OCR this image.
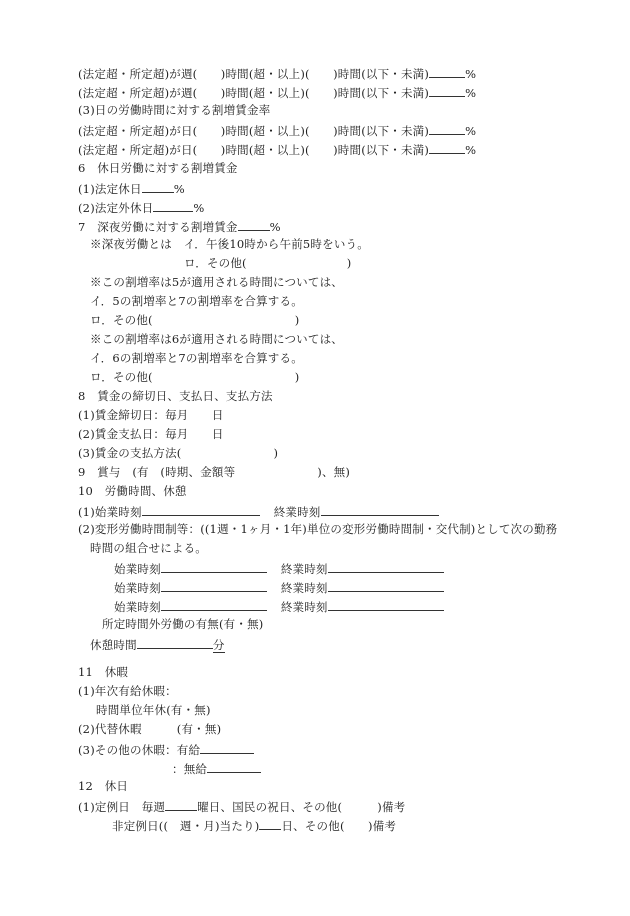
(法定超・所定超)が週(　　)時間(超・以上)(　　)時間(以下・未満)	%
(法定超・所定超)が週(　　)時間(超・以上)(　　)時間(以下・未満)	%
(3)日の労働時間に対する割増賃金率
(法定超・所定超)が日(　　)時間(超・以上)(　　)時間(以下・未満)	%
(法定超・所定超)が日(　　)時間(超・以上)(　　)時間(以下・未満)	%
6　休日労働に対する割増賃金
(1)法定休日	%
(2)法定外休日	%
7　深夜労働に対する割増賃金	%
※深夜労働とは　イ．午後10時から午前5時をいう。
ロ．その他(	)
※この割増率は5が適用される時間については、
イ．5の割増率と7の割増率を合算する。
ロ．その他(	)
※この割増率は6が適用される時間については、
イ．6の割増率と7の割増率を合算する。
ロ．その他(	)
8　賃金の締切日、支払日、支払方法
(1)賃金締切日：毎月　　日
(2)賃金支払日：毎月　　日
(3)賃金の支払方法(	)
9　賞与　(有　(時期、金額等	)、無)
10　労働時間、休憩
(1)始業時刻	終業時刻
(2)変形労働時間制等：((1週・1ヶ月・1年)単位の変形労働時間制・交代制)として次の勤務
時間の組合せによる。
始業時刻	終業時刻
始業時刻	終業時刻
始業時刻	終業時刻
所定時間外労働の有無(有・無)
休憩時間	分
11　休暇
(1)年次有給休暇：
時間単位年休(有・無)
(2)代替休暇　　　(有・無)
(3)その他の休暇：有給
：無給
12　休日
(1)定例日　毎週	曜日、国民の祝日、その他(　　　)備考
非定例日((　週・月)当たり) 日、その他(　　)備考
